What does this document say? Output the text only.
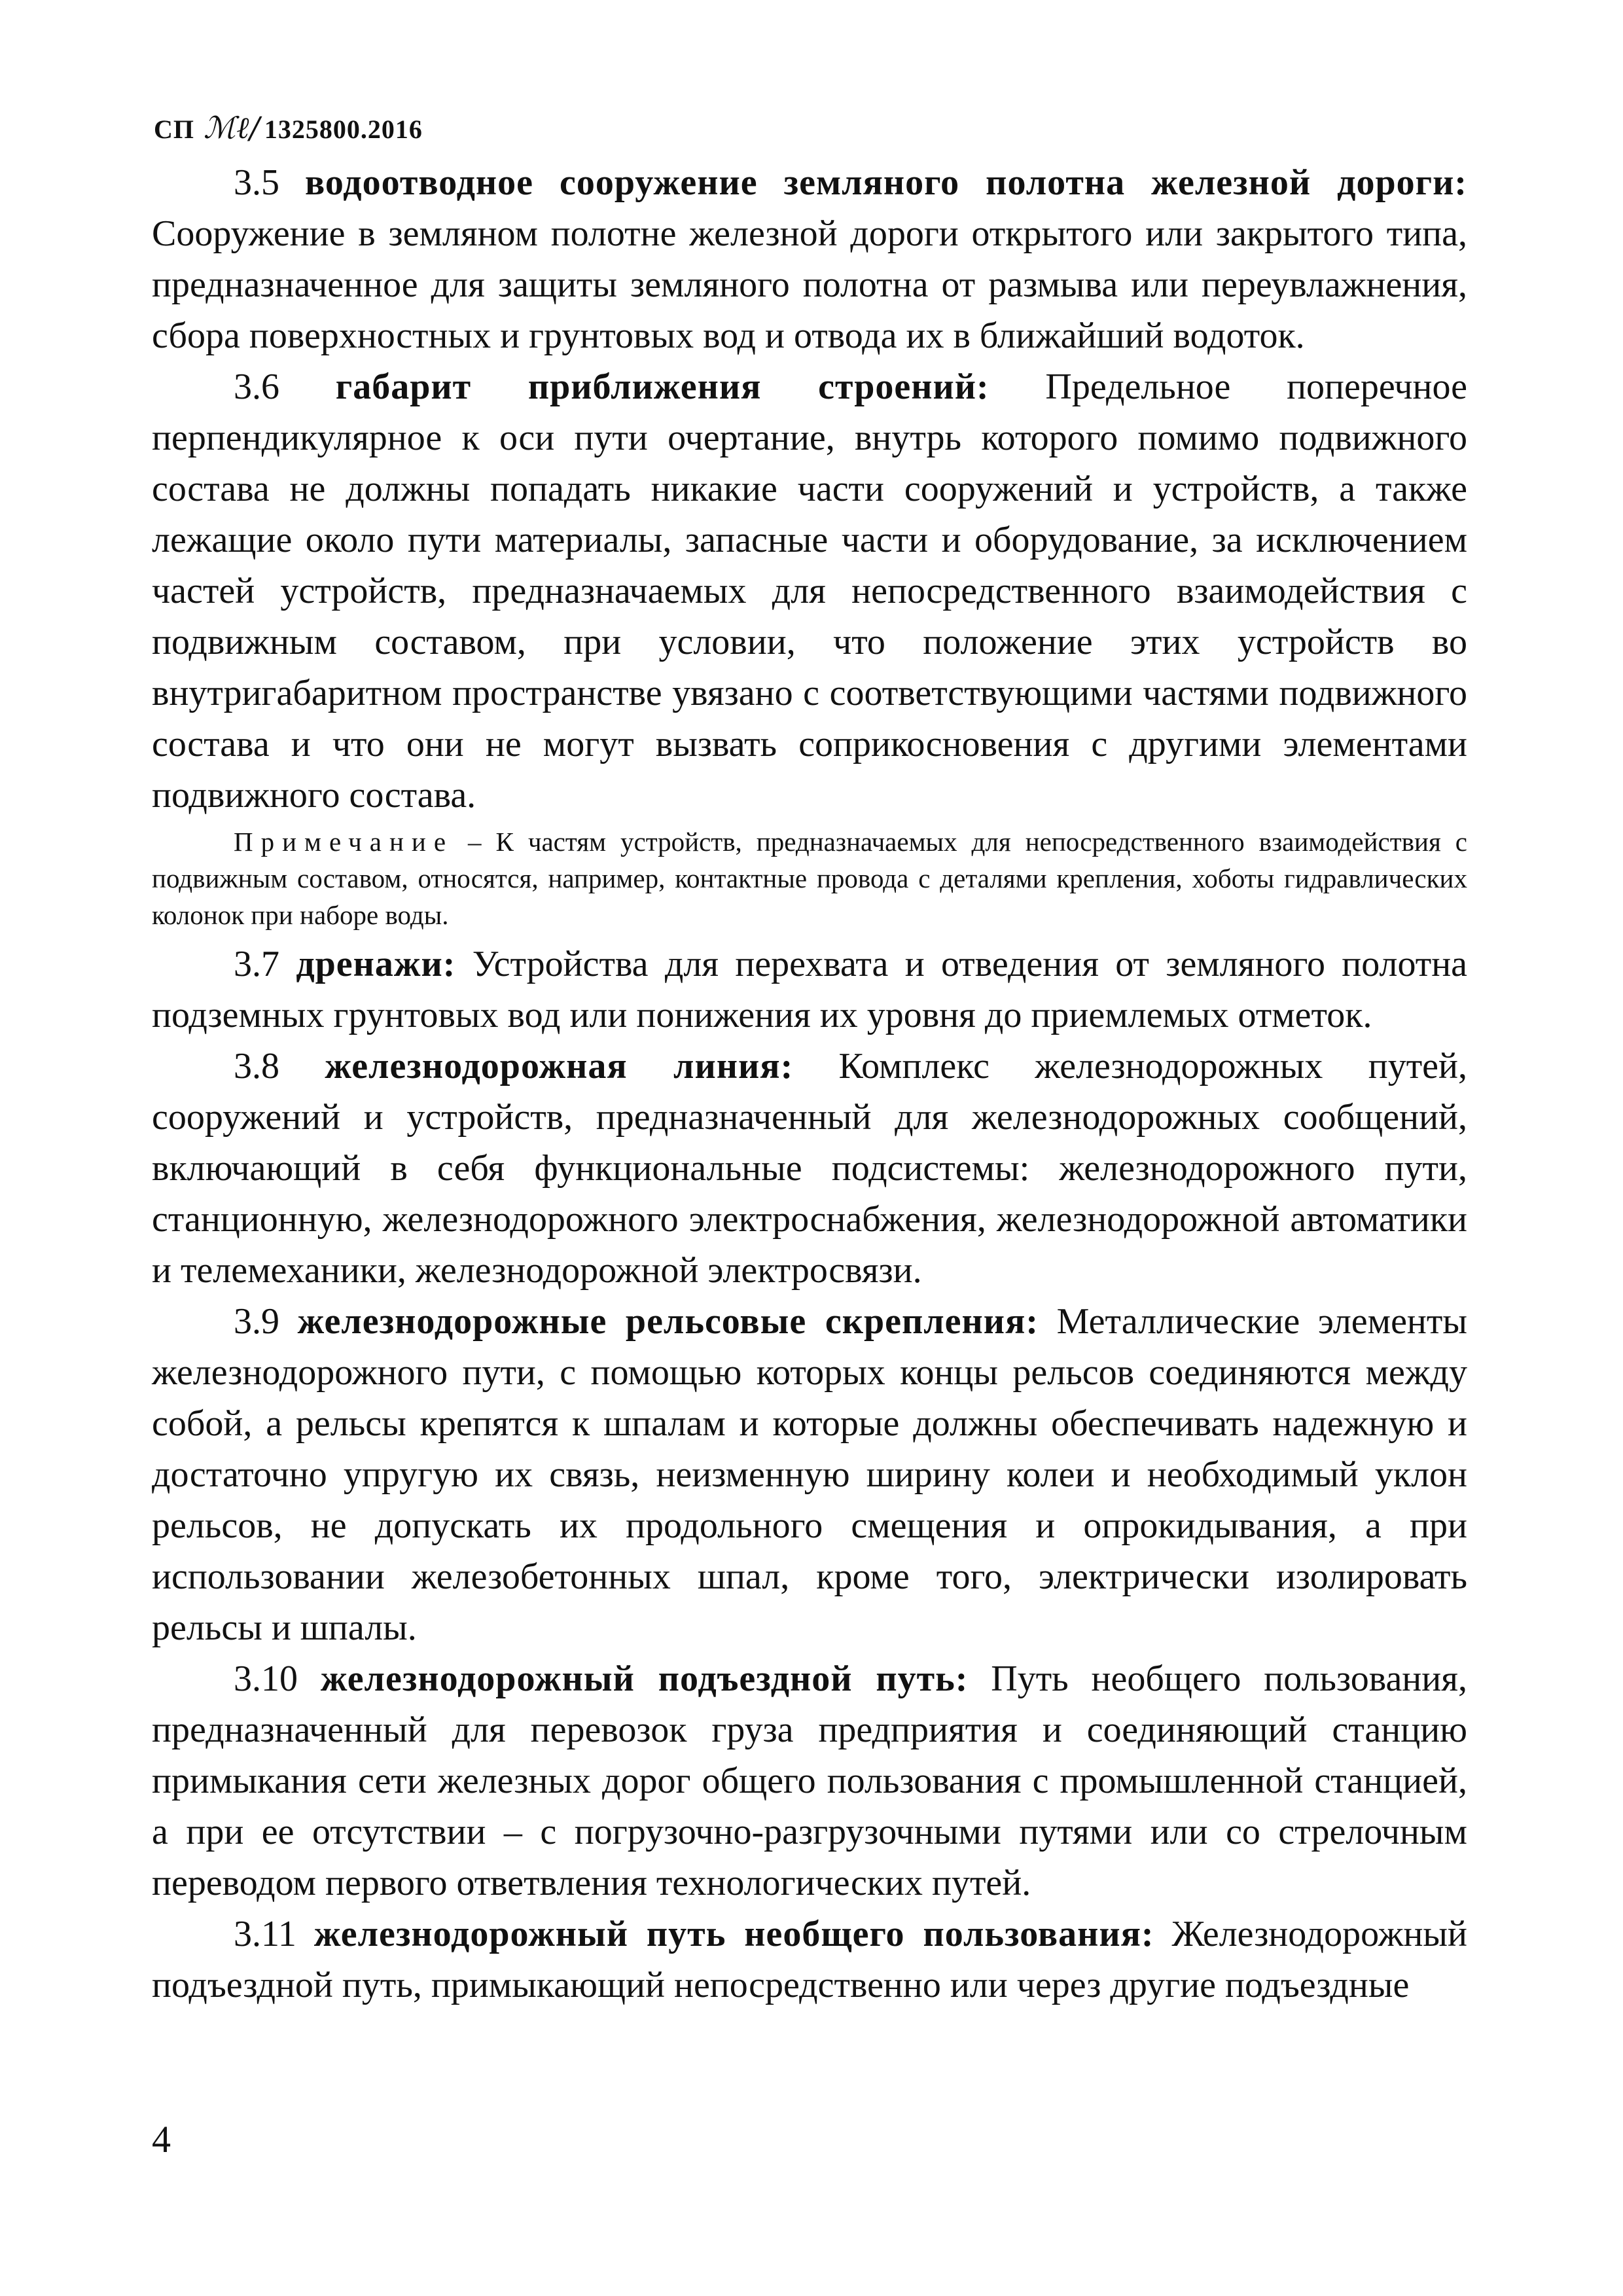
СП ℳℓ/ 1325800.2016

3.5 водоотводное сооружение земляного полотна железной дороги: Сооружение в земляном полотне железной дороги открытого или закрытого типа, предназначенное для защиты земляного полотна от размыва или переувлажнения, сбора поверхностных и грунтовых вод и отвода их в ближайший водоток.

3.6 габарит приближения строений: Предельное поперечное перпендикулярное к оси пути очертание, внутрь которого помимо подвижного состава не должны попадать никакие части сооружений и устройств, а также лежащие около пути материалы, запасные части и оборудование, за исключением частей устройств, предназначаемых для непосредственного взаимодействия с подвижным составом, при условии, что положение этих устройств во внутригабаритном пространстве увязано с соответствующими частями подвижного состава и что они не могут вызвать соприкосновения с другими элементами подвижного состава.

Примечание – К частям устройств, предназначаемых для непосредственного взаимодействия с подвижным составом, относятся, например, контактные провода с деталями крепления, хоботы гидравлических колонок при наборе воды.

3.7 дренажи: Устройства для перехвата и отведения от земляного полотна подземных грунтовых вод или понижения их уровня до приемлемых отметок.

3.8 железнодорожная линия: Комплекс железнодорожных путей, сооружений и устройств, предназначенный для железнодорожных сообщений, включающий в себя функциональные подсистемы: железнодорожного пути, станционную, железнодорожного электроснабжения, железнодорожной автоматики и телемеханики, железнодорожной электросвязи.

3.9 железнодорожные рельсовые скрепления: Металлические элементы железнодорожного пути, с помощью которых концы рельсов соединяются между собой, а рельсы крепятся к шпалам и которые должны обеспечивать надежную и достаточно упругую их связь, неизменную ширину колеи и необходимый уклон рельсов, не допускать их продольного смещения и опрокидывания, а при использовании железобетонных шпал, кроме того, электрически изолировать рельсы и шпалы.

3.10 железнодорожный подъездной путь: Путь необщего пользования, предназначенный для перевозок груза предприятия и соединяющий станцию примыкания сети железных дорог общего пользования с промышленной станцией, а при ее отсутствии – с погрузочно-разгрузочными путями или со стрелочным переводом первого ответвления технологических путей.

3.11 железнодорожный путь необщего пользования: Железнодорожный подъездной путь, примыкающий непосредственно или через другие подъездные

4
